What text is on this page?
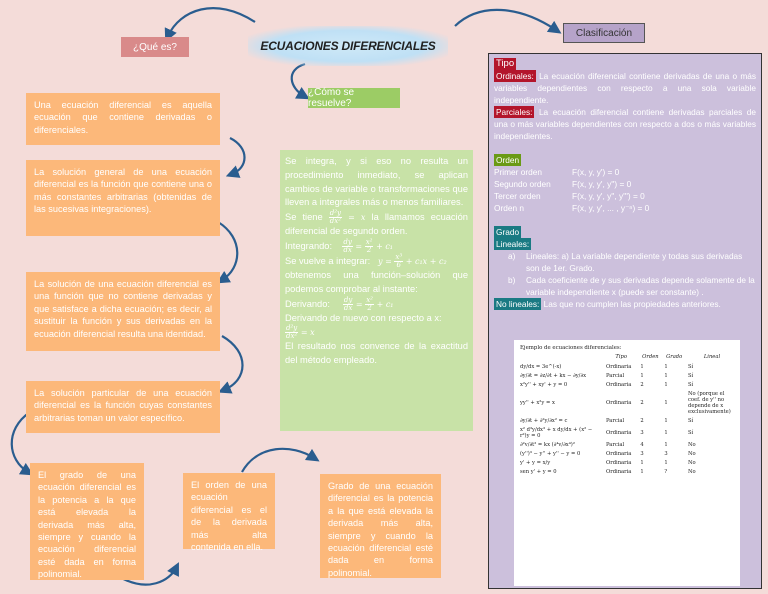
ECUACIONES DIFERENCIALES
¿Qué es?
¿Cómo se resuelve?
Clasificación
Una ecuación diferencial es aquella ecuación que contiene derivadas o diferenciales.
La solución general de una ecuación diferencial es la función que contiene una o más constantes arbitrarias (obtenidas de las sucesivas integraciones).
La solución de una ecuación diferencial es una función que no contiene derivadas y que satisface a dicha ecuación; es decir, al sustituir la función y sus derivadas en la ecuación diferencial resulta una identidad.
La solución particular de una ecuación diferencial es la función cuyas constantes arbitrarias toman un valor específico.
El grado de una ecuación diferencial es la potencia a la que está elevada la derivada más alta, siempre y cuando la ecuación diferencial esté dada en forma polinomial.
El orden de una ecuación diferencial es el de la derivada más alta contenida en ella.
Grado de una ecuación diferencial es la potencia a la que está elevada la derivada más alta, siempre y cuando la ecuación diferencial esté dada en forma polinomial.

Se integra, y si eso no resulta un procedimiento inmediato, se aplican cambios de variable o transformaciones que lleven a integrales más o menos familiares.

Se tiene $\frac{\text{d²y}}{\text{dx²}} = x$ la llamamos ecuación diferencial de segundo orden.

Integrando: $\frac{dy}{dx} = \frac{\text{x²}}{2} + c_1$

Se vuelve a integrar: $y = \frac{\text{x³}}{6} + c_1x + c_2$

obtenemos una función–solución que podemos comprobar al instante:

Derivando: $\frac{dy}{dx} = \frac{\text{x²}}{2} + c_1$

Derivando de nuevo con respecto a x:

$\frac{\text{d²y}}{\text{dx²}} = x$

El resultado nos convence de la exactitud del método empleado.

Tipo
Ordinales: La ecuación diferencial contiene derivadas de una o más variables dependientes con respecto a una sola variable independiente.
Parciales: La ecuación diferencial contiene derivadas parciales de una o más variables dependientes con respecto a dos o más variables independientes.
Orden
Primer orden	F(x, y, y') = 0
Segundo orden	F(x, y, y', y'') = 0
Tercer orden	F(x, y, y', y'', y''') = 0
Orden n	F(x, y, y', ... , y⁻ⁿ) = 0
Grado
Lineales:
a)	Lineales: a) La variable dependiente y todas sus derivadas son de 1er. Grado.
b)	Cada coeficiente de y sus derivadas depende solamente de la variable independiente x (puede ser constante) .
No lineales: Las que no cumplen las propiedades anteriores.
Ejemplo de ecuaciones diferenciales:				
	Tipo	Orden	Grado	Lineal
dy/dx = 3e^(-x)	Ordinaria	1	1	Sí
∂y/∂t = ∂z/∂t + kx − ∂y/∂x	Parcial	1	1	Sí
x²y'' + xy' + y = 0	Ordinaria	2	1	Sí
yy'' + x²y = x	Ordinaria	2	1	No (porque el coef. de y'' no depende de x exclusivamente)
∂y/∂t + ∂²y/∂x² = c	Parcial	2	1	Sí
x² d³y/dx³ + x dy/dx + (x² − r²)y = 0	Ordinaria	3	1	Sí
∂²v/∂t² = kx (∂⁴v/∂x⁴)²	Parcial	4	1	No
(y'')³ − y'' + y'' − y = 0	Ordinaria	3	3	No
y' + y = x/y	Ordinaria	1	1	No
sen y' + y = 0	Ordinaria	1	?	No
